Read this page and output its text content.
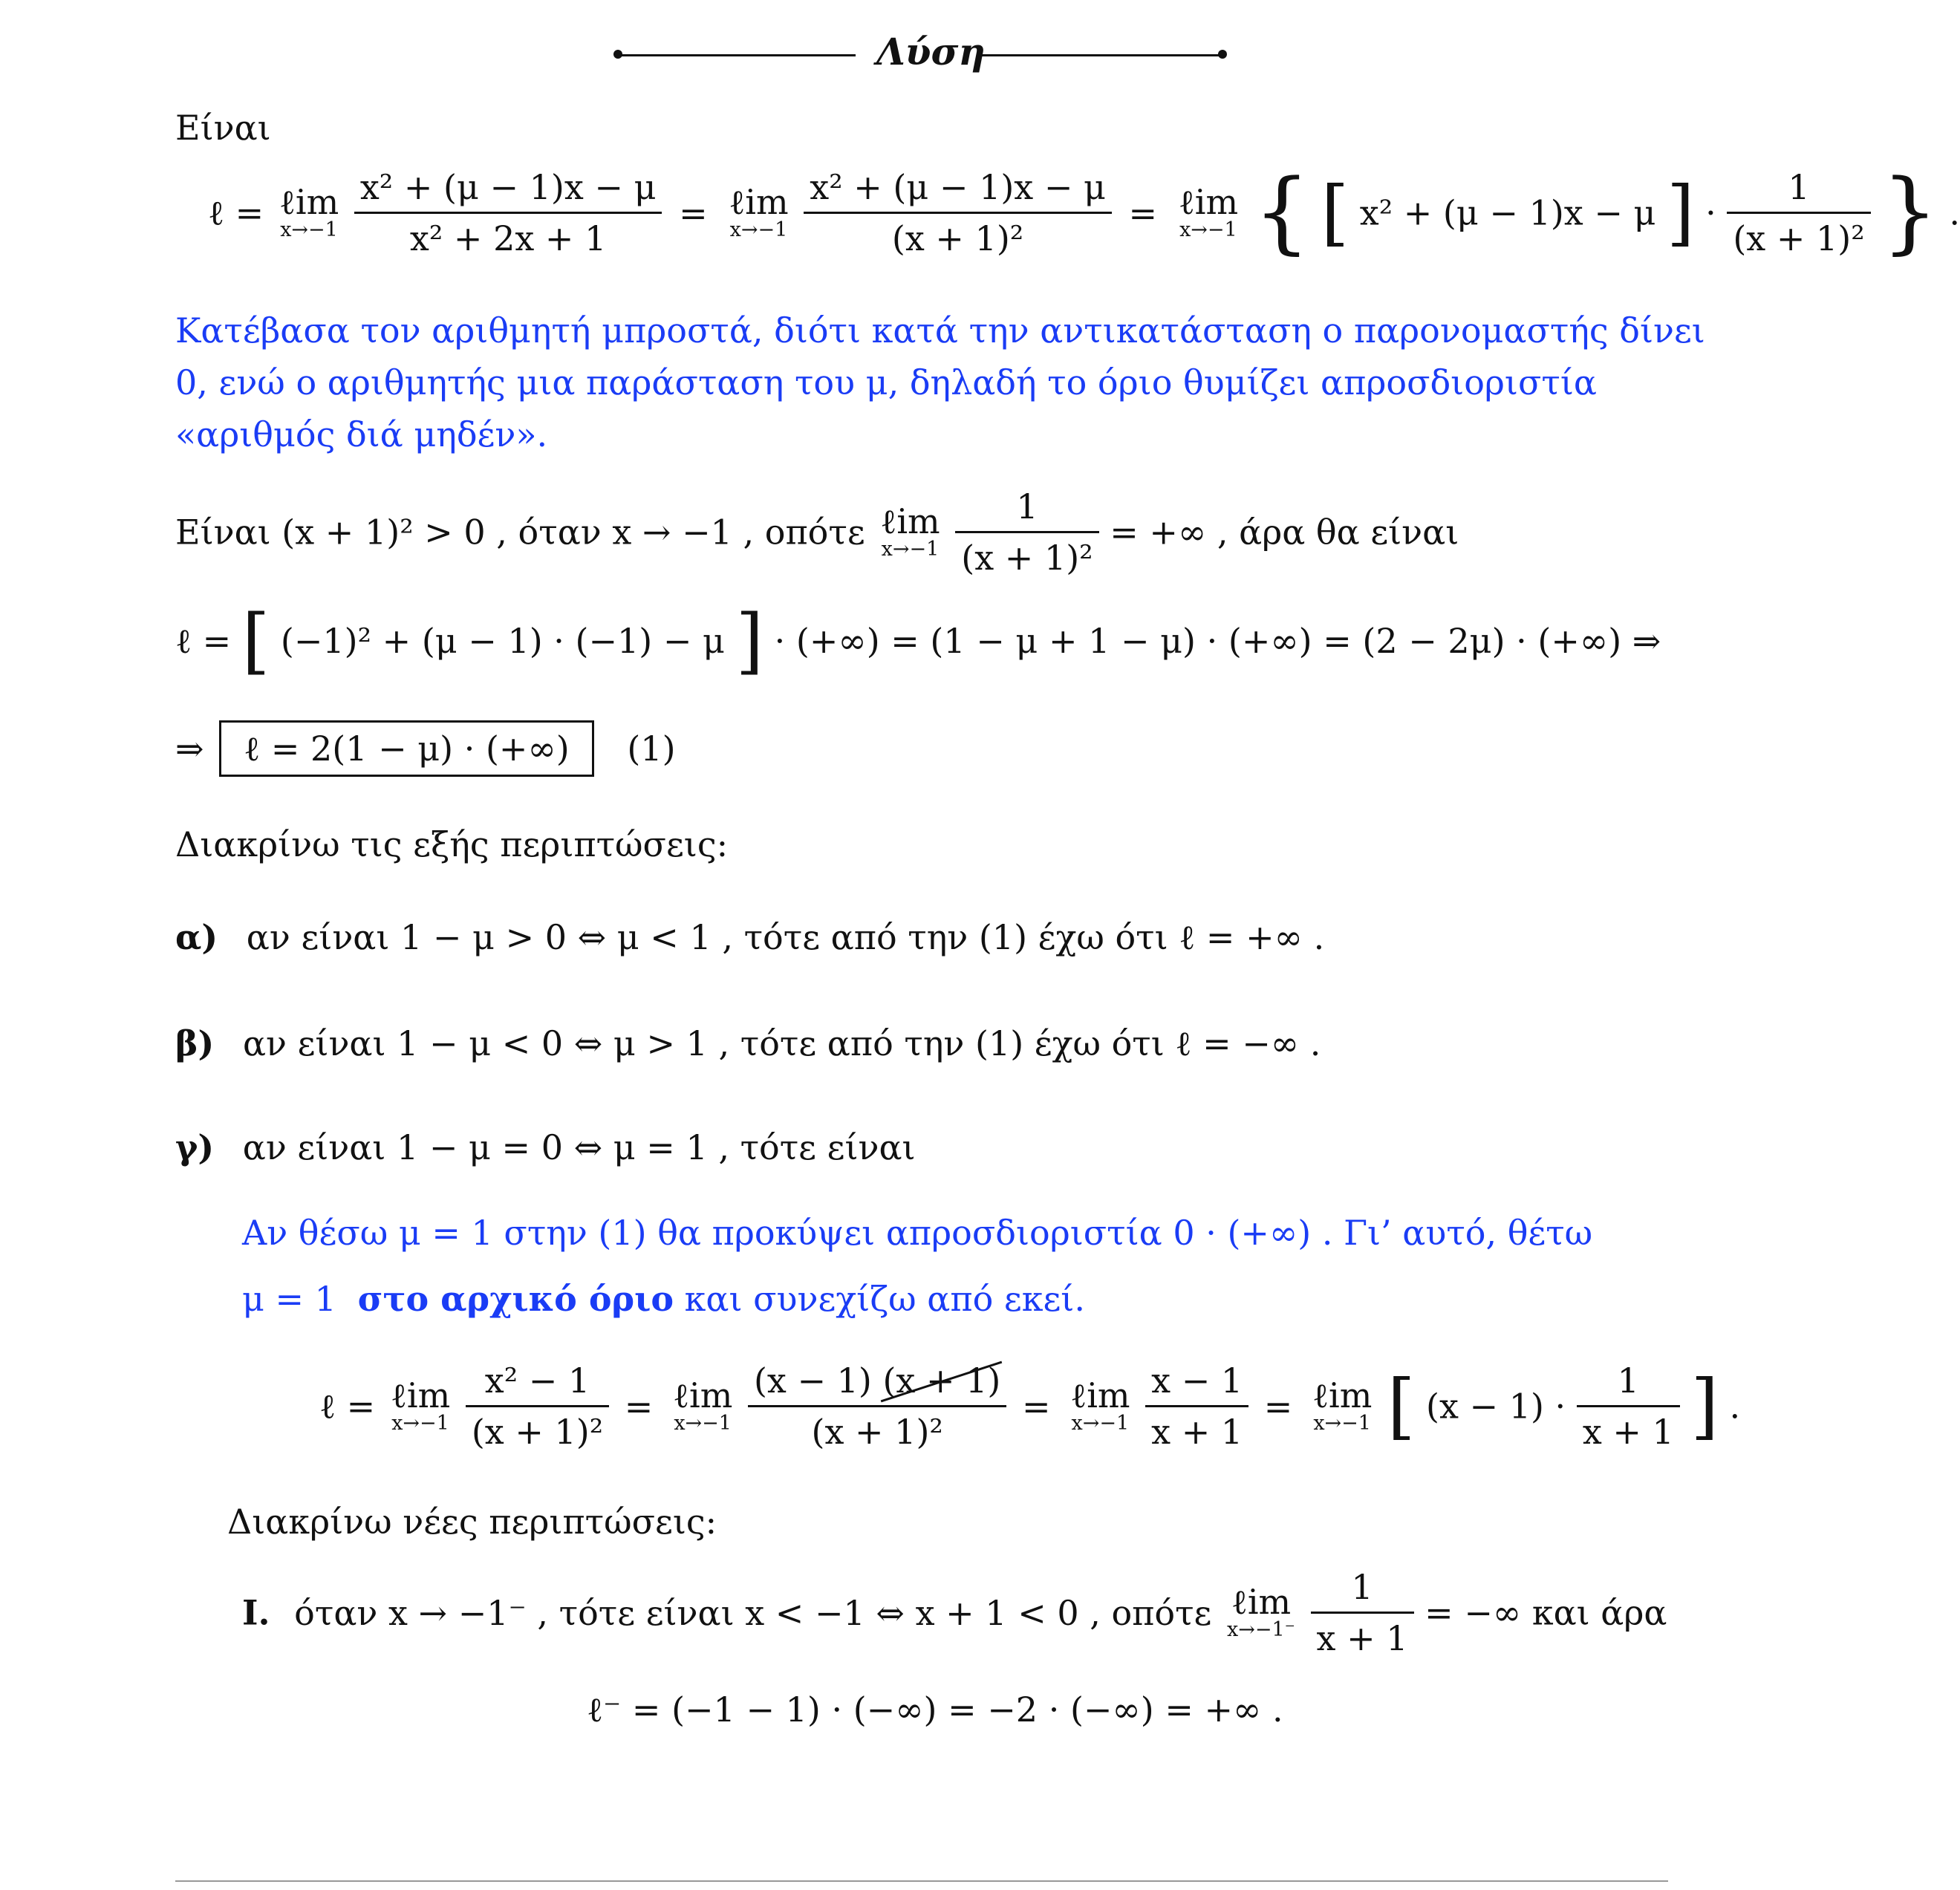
Λύση
Είναι
ℓ = ℓim
x→−1
$\frac{\text{x² + (μ − 1)x − μ}}{\text{x² + 2x + 1}}$ = ℓim
x→−1
$\frac{\text{x² + (μ − 1)x − μ}}{\text{(x + 1)²}}$ = ℓim
x→−1 { [ x² + (μ − 1)x − μ ] · $\frac{1}{\text{(x + 1)²}}$ } .
Κατέβασα τον αριθμητή μπροστά, διότι κατά την αντικατάσταση ο παρονομαστής δίνει
0, ενώ ο αριθμητής μια παράσταση του μ, δηλαδή το όριο θυμίζει απροσδιοριστία
«αριθμός διά μηδέν».
Είναι (x + 1)² > 0 , όταν x → −1 , οπότε ℓim
x→−1
$\frac{1}{\text{(x + 1)²}}$ = +∞ , άρα θα είναι
ℓ = [ (−1)² + (μ − 1) · (−1) − μ ] · (+∞) = (1 − μ + 1 − μ) · (+∞) = (2 − 2μ) · (+∞) ⇒
⇒ ℓ = 2(1 − μ) · (+∞) (1)
Διακρίνω τις εξής περιπτώσεις:
α) αν είναι 1 − μ > 0 ⇔ μ < 1 , τότε από την (1) έχω ότι ℓ = +∞ .
β) αν είναι 1 − μ < 0 ⇔ μ > 1 , τότε από την (1) έχω ότι ℓ = −∞ .
γ) αν είναι 1 − μ = 0 ⇔ μ = 1 , τότε είναι
Αν θέσω μ = 1 στην (1) θα προκύψει απροσδιοριστία 0 · (+∞) . Γι’ αυτό, θέτω
μ = 1 στο αρχικό όριο και συνεχίζω από εκεί.
ℓ = ℓim
x→−1
$\frac{\text{x² − 1}}{\text{(x + 1)²}}$ = ℓim
x→−1
$\frac{(x - 1) (x + 1)}{\text{(x + 1)²}}$ = ℓim
x→−1
$\frac{x - 1}{x + 1}$ = ℓim
x→−1 [ $(x - 1) \cdot \frac{1}{x + 1}$ ] .
Διακρίνω νέες περιπτώσεις:
Ι. όταν x → −1⁻ , τότε είναι x < −1 ⇔ x + 1 < 0 , οπότε ℓim
x→−1⁻
$\frac{1}{x + 1}$ = −∞ και άρα
ℓ⁻ = (−1 − 1) · (−∞) = −2 · (−∞) = +∞ .
